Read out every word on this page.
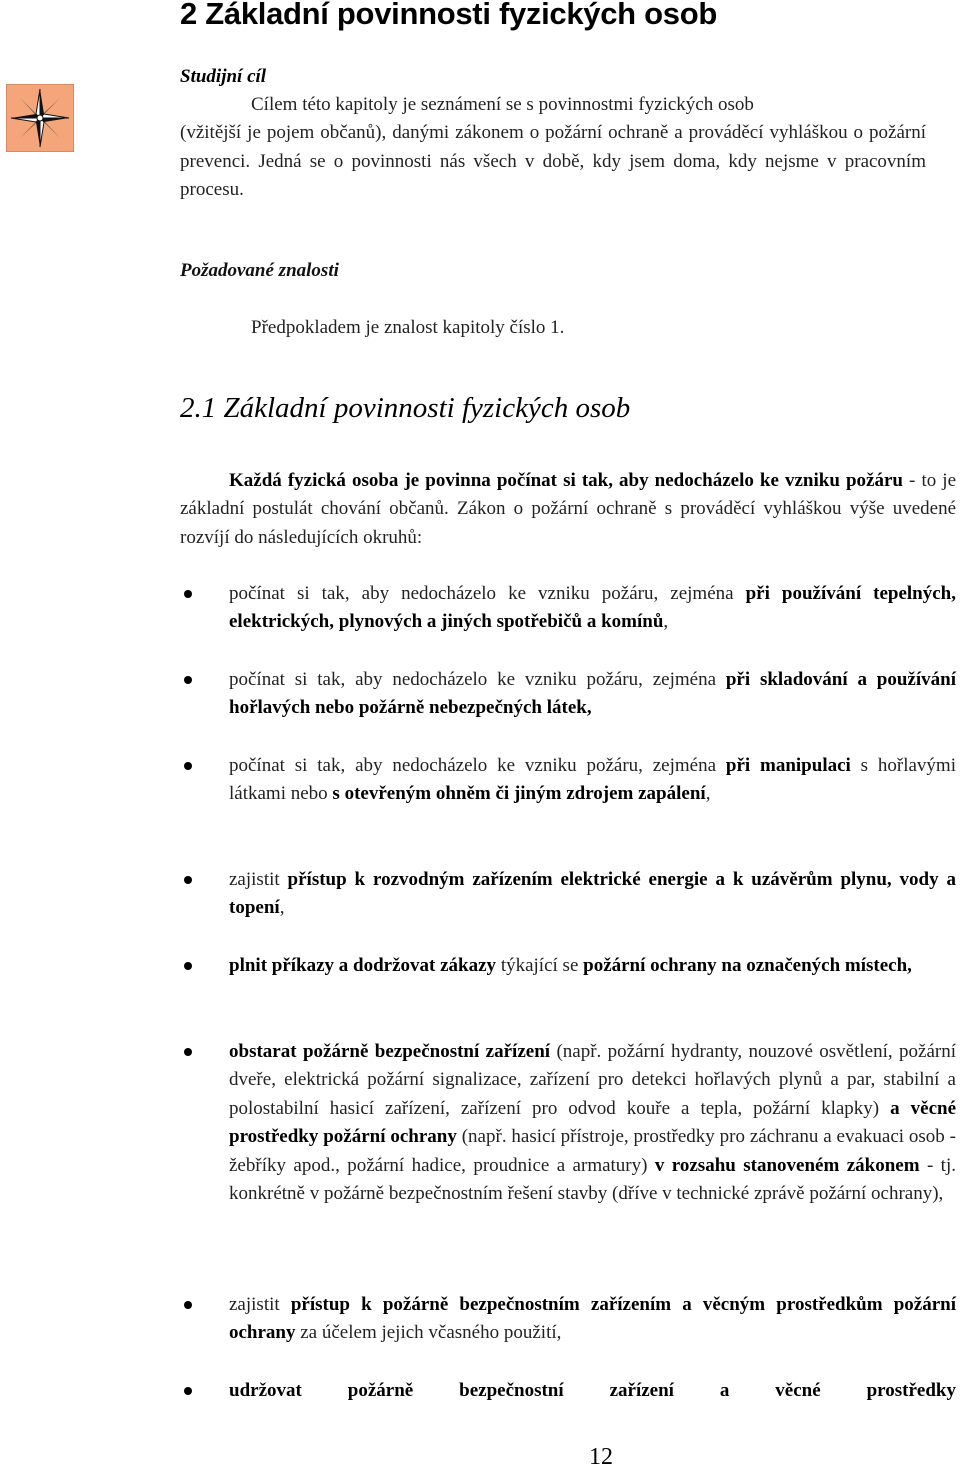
2 Základní povinnosti fyzických osob
Studijní cíl
Cílem této kapitoly je seznámení se s povinnostmi fyzických osob
(vžitější je pojem občanů), danými zákonem o požární ochraně a prováděcí vyhláškou o požární prevenci. Jedná se o povinnosti nás všech v době, kdy jsem doma, kdy nejsme v pracovním procesu.
Požadované znalosti
Předpokladem je znalost kapitoly číslo 1.
2.1 Základní povinnosti fyzických osob
Každá fyzická osoba je povinna počínat si tak, aby nedocházelo ke vzniku požáru - to je základní postulát chování občanů. Zákon o požární ochraně s prováděcí vyhláškou výše uvedené rozvíjí do následujících okruhů:
počínat si tak, aby nedocházelo ke vzniku požáru, zejména při používání tepelných, elektrických, plynových a jiných spotřebičů a komínů,
počínat si tak, aby nedocházelo ke vzniku požáru, zejména při skladování a používání hořlavých nebo požárně nebezpečných látek,
počínat si tak, aby nedocházelo ke vzniku požáru, zejména při manipulaci s hořlavými látkami nebo s otevřeným ohněm či jiným zdrojem zapálení,
zajistit přístup k rozvodným zařízením elektrické energie a k uzávěrům plynu, vody a topení,
plnit příkazy a dodržovat zákazy týkající se požární ochrany na označených místech,
obstarat požárně bezpečnostní zařízení (např. požární hydranty, nouzové osvětlení, požární dveře, elektrická požární signalizace, zařízení pro detekci hořlavých plynů a par, stabilní a polostabilní hasicí zařízení, zařízení pro odvod kouře a tepla, požární klapky) a věcné prostředky požární ochrany (např. hasicí přístroje, prostředky pro záchranu a evakuaci osob - žebříky apod., požární hadice, proudnice a armatury) v rozsahu stanoveném zákonem - tj. konkrétně v požárně bezpečnostním řešení stavby (dříve v technické zprávě požární ochrany),
zajistit přístup k požárně bezpečnostním zařízením a věcným prostředkům požární ochrany za účelem jejich včasného použití,
udržovat požárně bezpečnostní zařízení a věcné prostředky
12
